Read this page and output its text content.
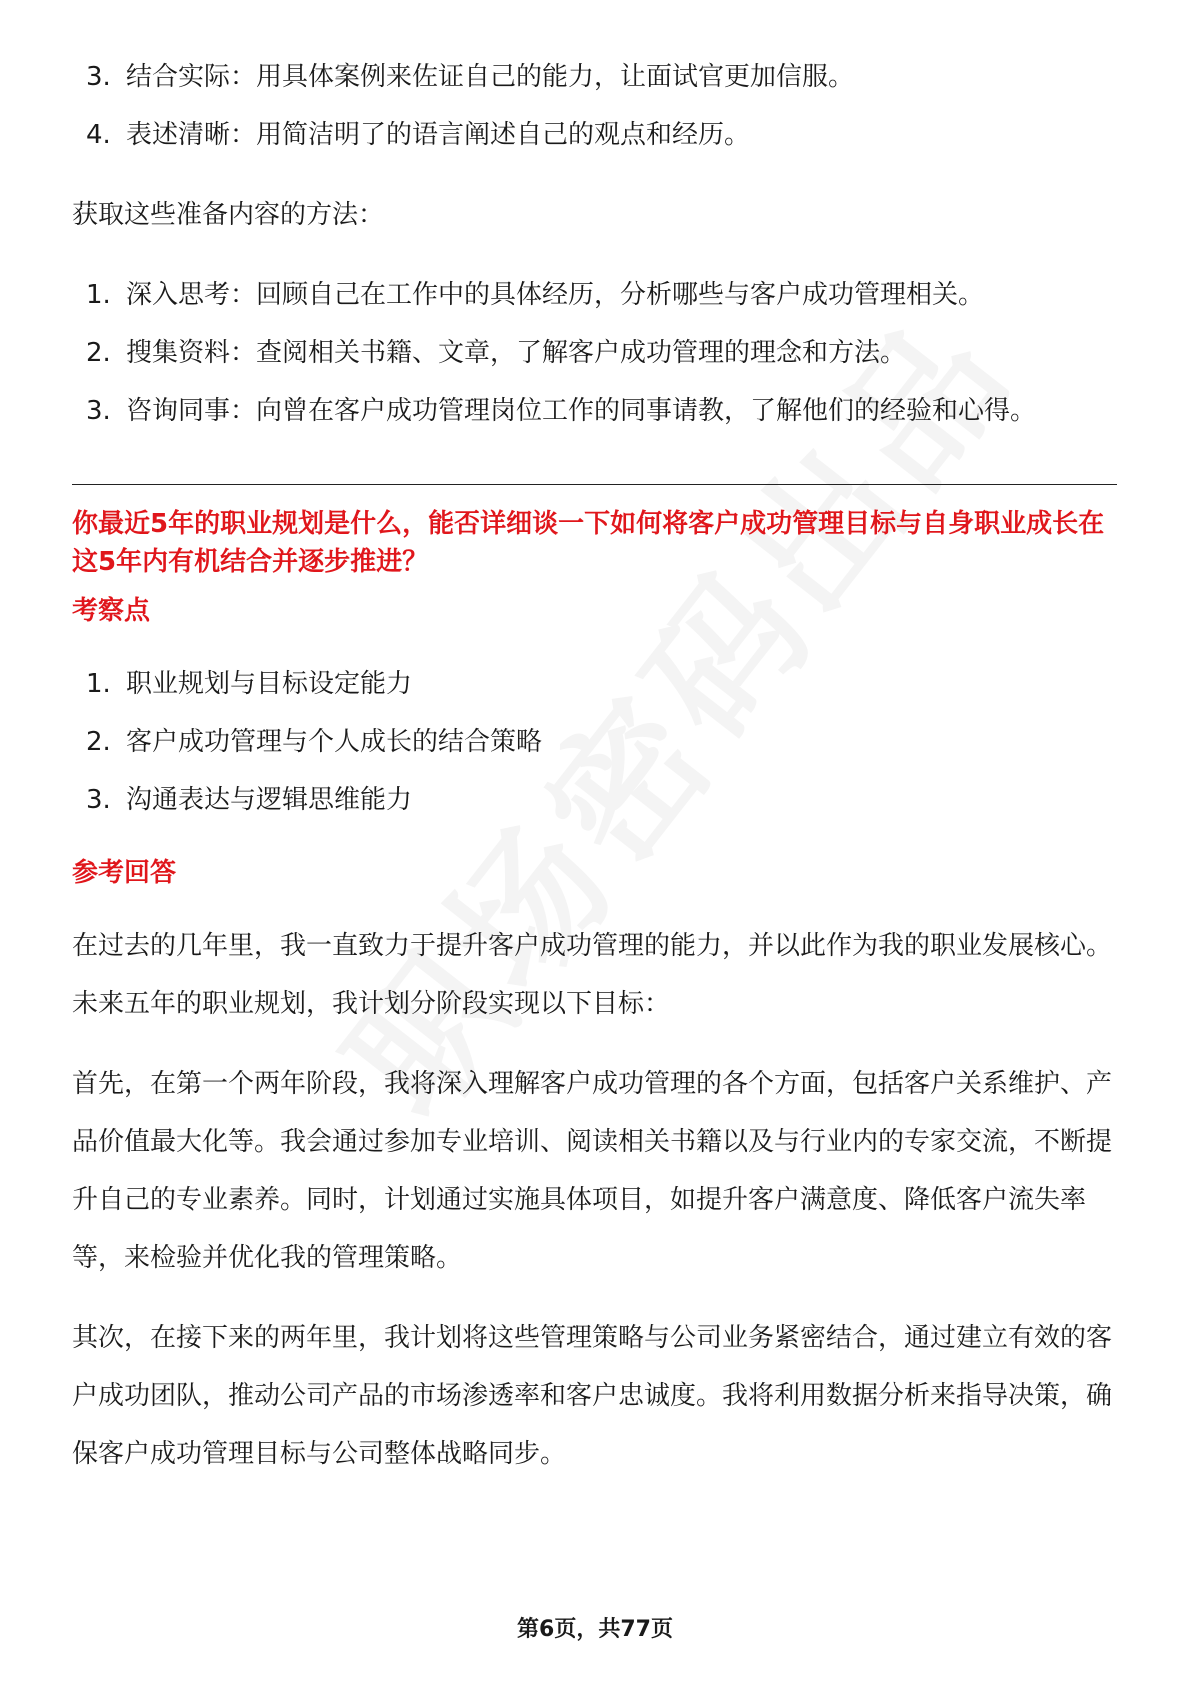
3. 结合实际：用具体案例来佐证自己的能力，让面试官更加信服。
4. 表述清晰：用简洁明了的语言阐述自己的观点和经历。

获取这些准备内容的方法：

1. 深入思考：回顾自己在工作中的具体经历，分析哪些与客户成功管理相关。
2. 搜集资料：查阅相关书籍、文章，了解客户成功管理的理念和方法。
3. 咨询同事：向曾在客户成功管理岗位工作的同事请教，了解他们的经验和心得。

你最近5年的职业规划是什么，能否详细谈一下如何将客户成功管理目标与自身职业成长在这5年内有机结合并逐步推进？

考察点

1. 职业规划与目标设定能力
2. 客户成功管理与个人成长的结合策略
3. 沟通表达与逻辑思维能力

参考回答

在过去的几年里，我一直致力于提升客户成功管理的能力，并以此作为我的职业发展核心。未来五年的职业规划，我计划分阶段实现以下目标：

首先，在第一个两年阶段，我将深入理解客户成功管理的各个方面，包括客户关系维护、产品价值最大化等。我会通过参加专业培训、阅读相关书籍以及与行业内的专家交流，不断提升自己的专业素养。同时，计划通过实施具体项目，如提升客户满意度、降低客户流失率等，来检验并优化我的管理策略。

其次，在接下来的两年里，我计划将这些管理策略与公司业务紧密结合，通过建立有效的客户成功团队，推动公司产品的市场渗透率和客户忠诚度。我将利用数据分析来指导决策，确保客户成功管理目标与公司整体战略同步。

第6页，共77页
